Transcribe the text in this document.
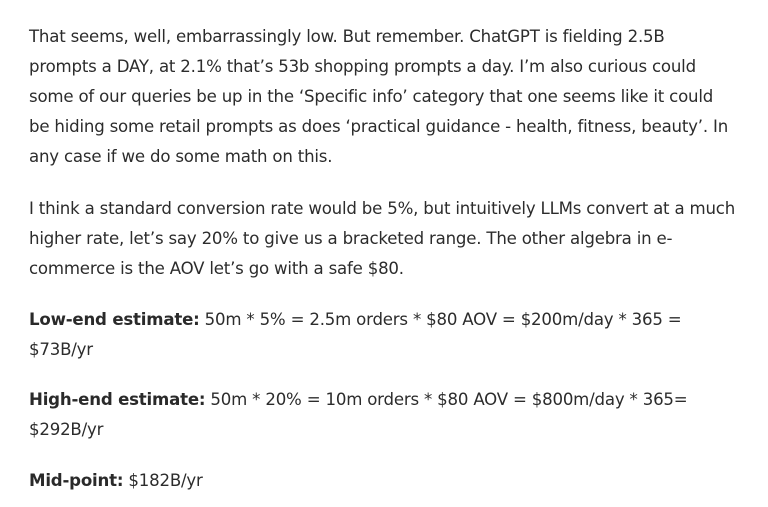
That seems, well, embarrassingly low. But remember. ChatGPT is fielding 2.5B
prompts a DAY, at 2.1% that’s 53b shopping prompts a day. I’m also curious could
some of our queries be up in the ‘Specific info’ category that one seems like it could
be hiding some retail prompts as does ‘practical guidance - health, fitness, beauty’. In
any case if we do some math on this.

I think a standard conversion rate would be 5%, but intuitively LLMs convert at a much
higher rate, let’s say 20% to give us a bracketed range. The other algebra in e-
commerce is the AOV let’s go with a safe $80.

Low-end estimate: 50m * 5% = 2.5m orders * $80 AOV = $200m/day * 365 =
$73B/yr

High-end estimate: 50m * 20% = 10m orders * $80 AOV = $800m/day * 365=
$292B/yr

Mid-point: $182B/yr
